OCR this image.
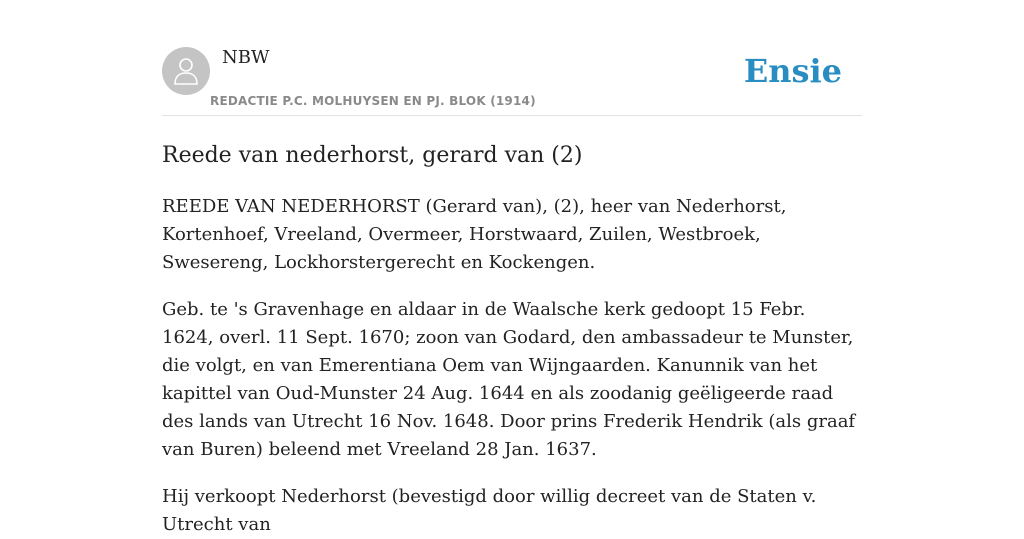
NBW
REDACTIE P.C. MOLHUYSEN EN PJ. BLOK (1914)
Ensie
Reede van nederhorst, gerard van (2)

REEDE VAN NEDERHORST (Gerard van), (2), heer van Nederhorst, Kortenhoef, Vreeland, Overmeer, Horstwaard, Zuilen, Westbroek, Swesereng, Lockhorstergerecht en Kockengen.

Geb. te 's Gravenhage en aldaar in de Waalsche kerk gedoopt 15 Febr. 1624, overl. 11 Sept. 1670; zoon van Godard, den ambassadeur te Munster, die volgt, en van Emerentiana Oem van Wijngaarden. Kanunnik van het kapittel van Oud-Munster 24 Aug. 1644 en als zoodanig geëligeerde raad des lands van Utrecht 16 Nov. 1648. Door prins Frederik Hendrik (als graaf van Buren) beleend met Vreeland 28 Jan. 1637.

Hij verkoopt Nederhorst (bevestigd door willig decreet van de Staten v. Utrecht van
